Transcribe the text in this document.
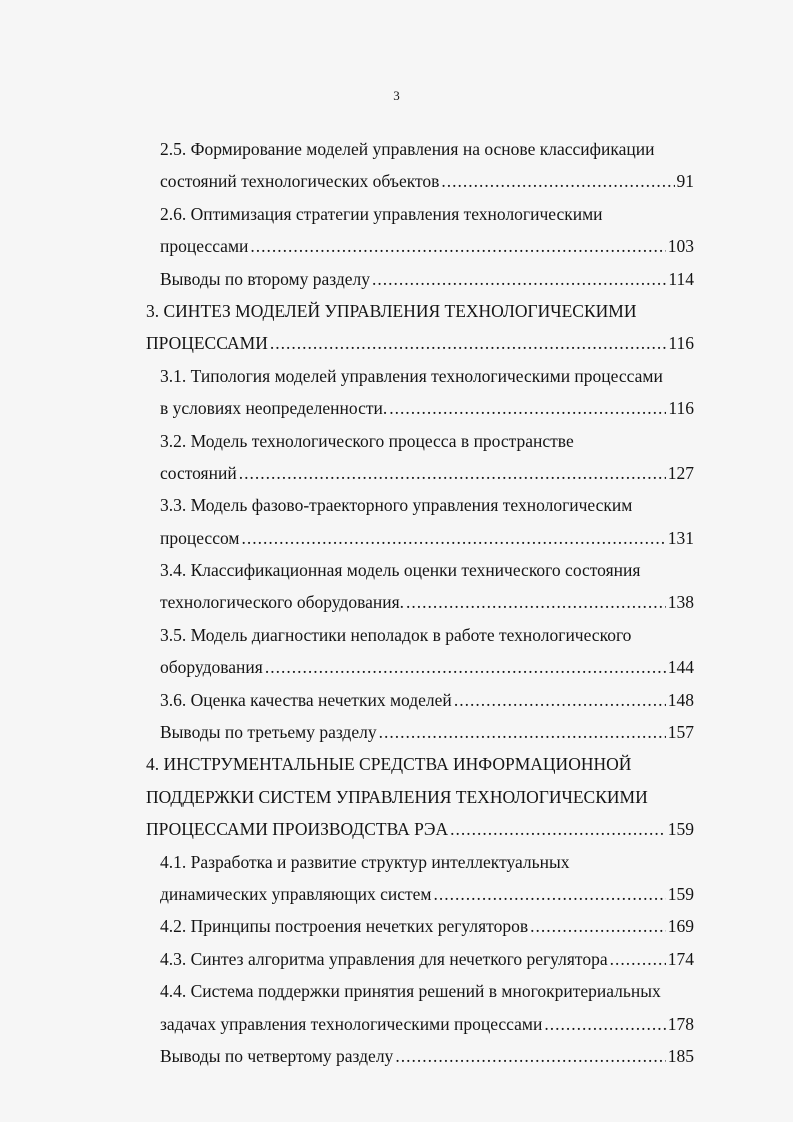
3
2.5. Формирование моделей управления на основе классификации
состояний технологических объектов .....	91
2.6. Оптимизация стратегии управления технологическими
процессами .....	103
Выводы по второму разделу .....	114
3. СИНТЕЗ МОДЕЛЕЙ УПРАВЛЕНИЯ ТЕХНОЛОГИЧЕСКИМИ
ПРОЦЕССАМИ .....	116
3.1. Типология моделей управления технологическими процессами
в условиях неопределенности. .....	116
3.2. Модель технологического процесса в пространстве
состояний .....	127
3.3. Модель фазово-траекторного управления технологическим
процессом .....	131
3.4. Классификационная модель оценки технического состояния
технологического оборудования. .....	138
3.5. Модель диагностики неполадок в работе технологического
оборудования .....	144
3.6. Оценка качества нечетких моделей .....	148
Выводы по третьему разделу .....	157
4. ИНСТРУМЕНТАЛЬНЫЕ СРЕДСТВА ИНФОРМАЦИОННОЙ
ПОДДЕРЖКИ СИСТЕМ УПРАВЛЕНИЯ ТЕХНОЛОГИЧЕСКИМИ
ПРОЦЕССАМИ ПРОИЗВОДСТВА РЭА .....	159
4.1. Разработка и развитие структур интеллектуальных
динамических управляющих систем .....	159
4.2. Принципы построения нечетких регуляторов .....	169
4.3. Синтез алгоритма управления для нечеткого регулятора .....	174
4.4. Система поддержки принятия решений в многокритериальных
задачах управления технологическими процессами .....	178
Выводы по четвертому разделу .....	185
